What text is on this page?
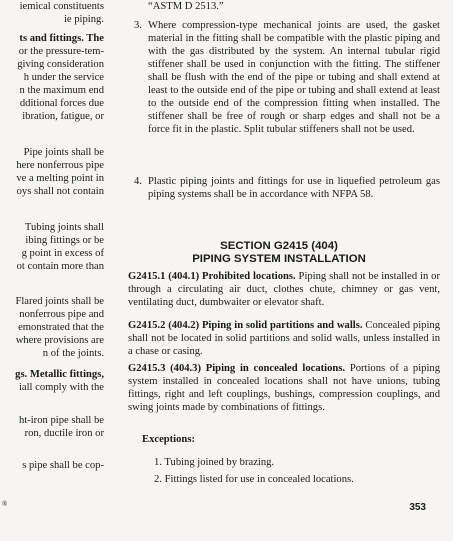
iemical constituents
ie piping.
ts and fittings. The
or the pressure-tem-
giving consideration
h under the service
n the maximum end
dditional forces due
ibration, fatigue, or
Pipe joints shall be
here nonferrous pipe
ve a melting point in
oys shall not contain
Tubing joints shall
ibing fittings or be
g point in excess of
ot contain more than
Flared joints shall be
nonferrous pipe and
emonstrated that the
where provisions are
n of the joints.
gs. Metallic fittings,
iall comply with the
ht-iron pipe shall be
ron, ductile iron or
s pipe shall be cop-
®
“ASTM D 2513.”
3. Where compression-type mechanical joints are used, the gasket material in the fitting shall be compatible with the plastic piping and with the gas distributed by the system. An internal tubular rigid stiffener shall be used in conjunction with the fitting. The stiffener shall be flush with the end of the pipe or tubing and shall extend at least to the outside end of the pipe or tubing and shall extend at least to the outside end of the compression fitting when installed. The stiffener shall be free of rough or sharp edges and shall not be a force fit in the plastic. Split tubular stiffeners shall not be used.
4. Plastic piping joints and fittings for use in liquefied petroleum gas piping systems shall be in accordance with NFPA 58.
SECTION G2415 (404)
PIPING SYSTEM INSTALLATION
G2415.1 (404.1) Prohibited locations. Piping shall not be installed in or through a circulating air duct, clothes chute, chimney or gas vent, ventilating duct, dumbwaiter or elevator shaft.
G2415.2 (404.2) Piping in solid partitions and walls. Concealed piping shall not be located in solid partitions and solid walls, unless installed in a chase or casing.
G2415.3 (404.3) Piping in concealed locations. Portions of a piping system installed in concealed locations shall not have unions, tubing fittings, right and left couplings, bushings, compression couplings, and swing joints made by combinations of fittings.
Exceptions:
1. Tubing joined by brazing.
2. Fittings listed for use in concealed locations.
353
